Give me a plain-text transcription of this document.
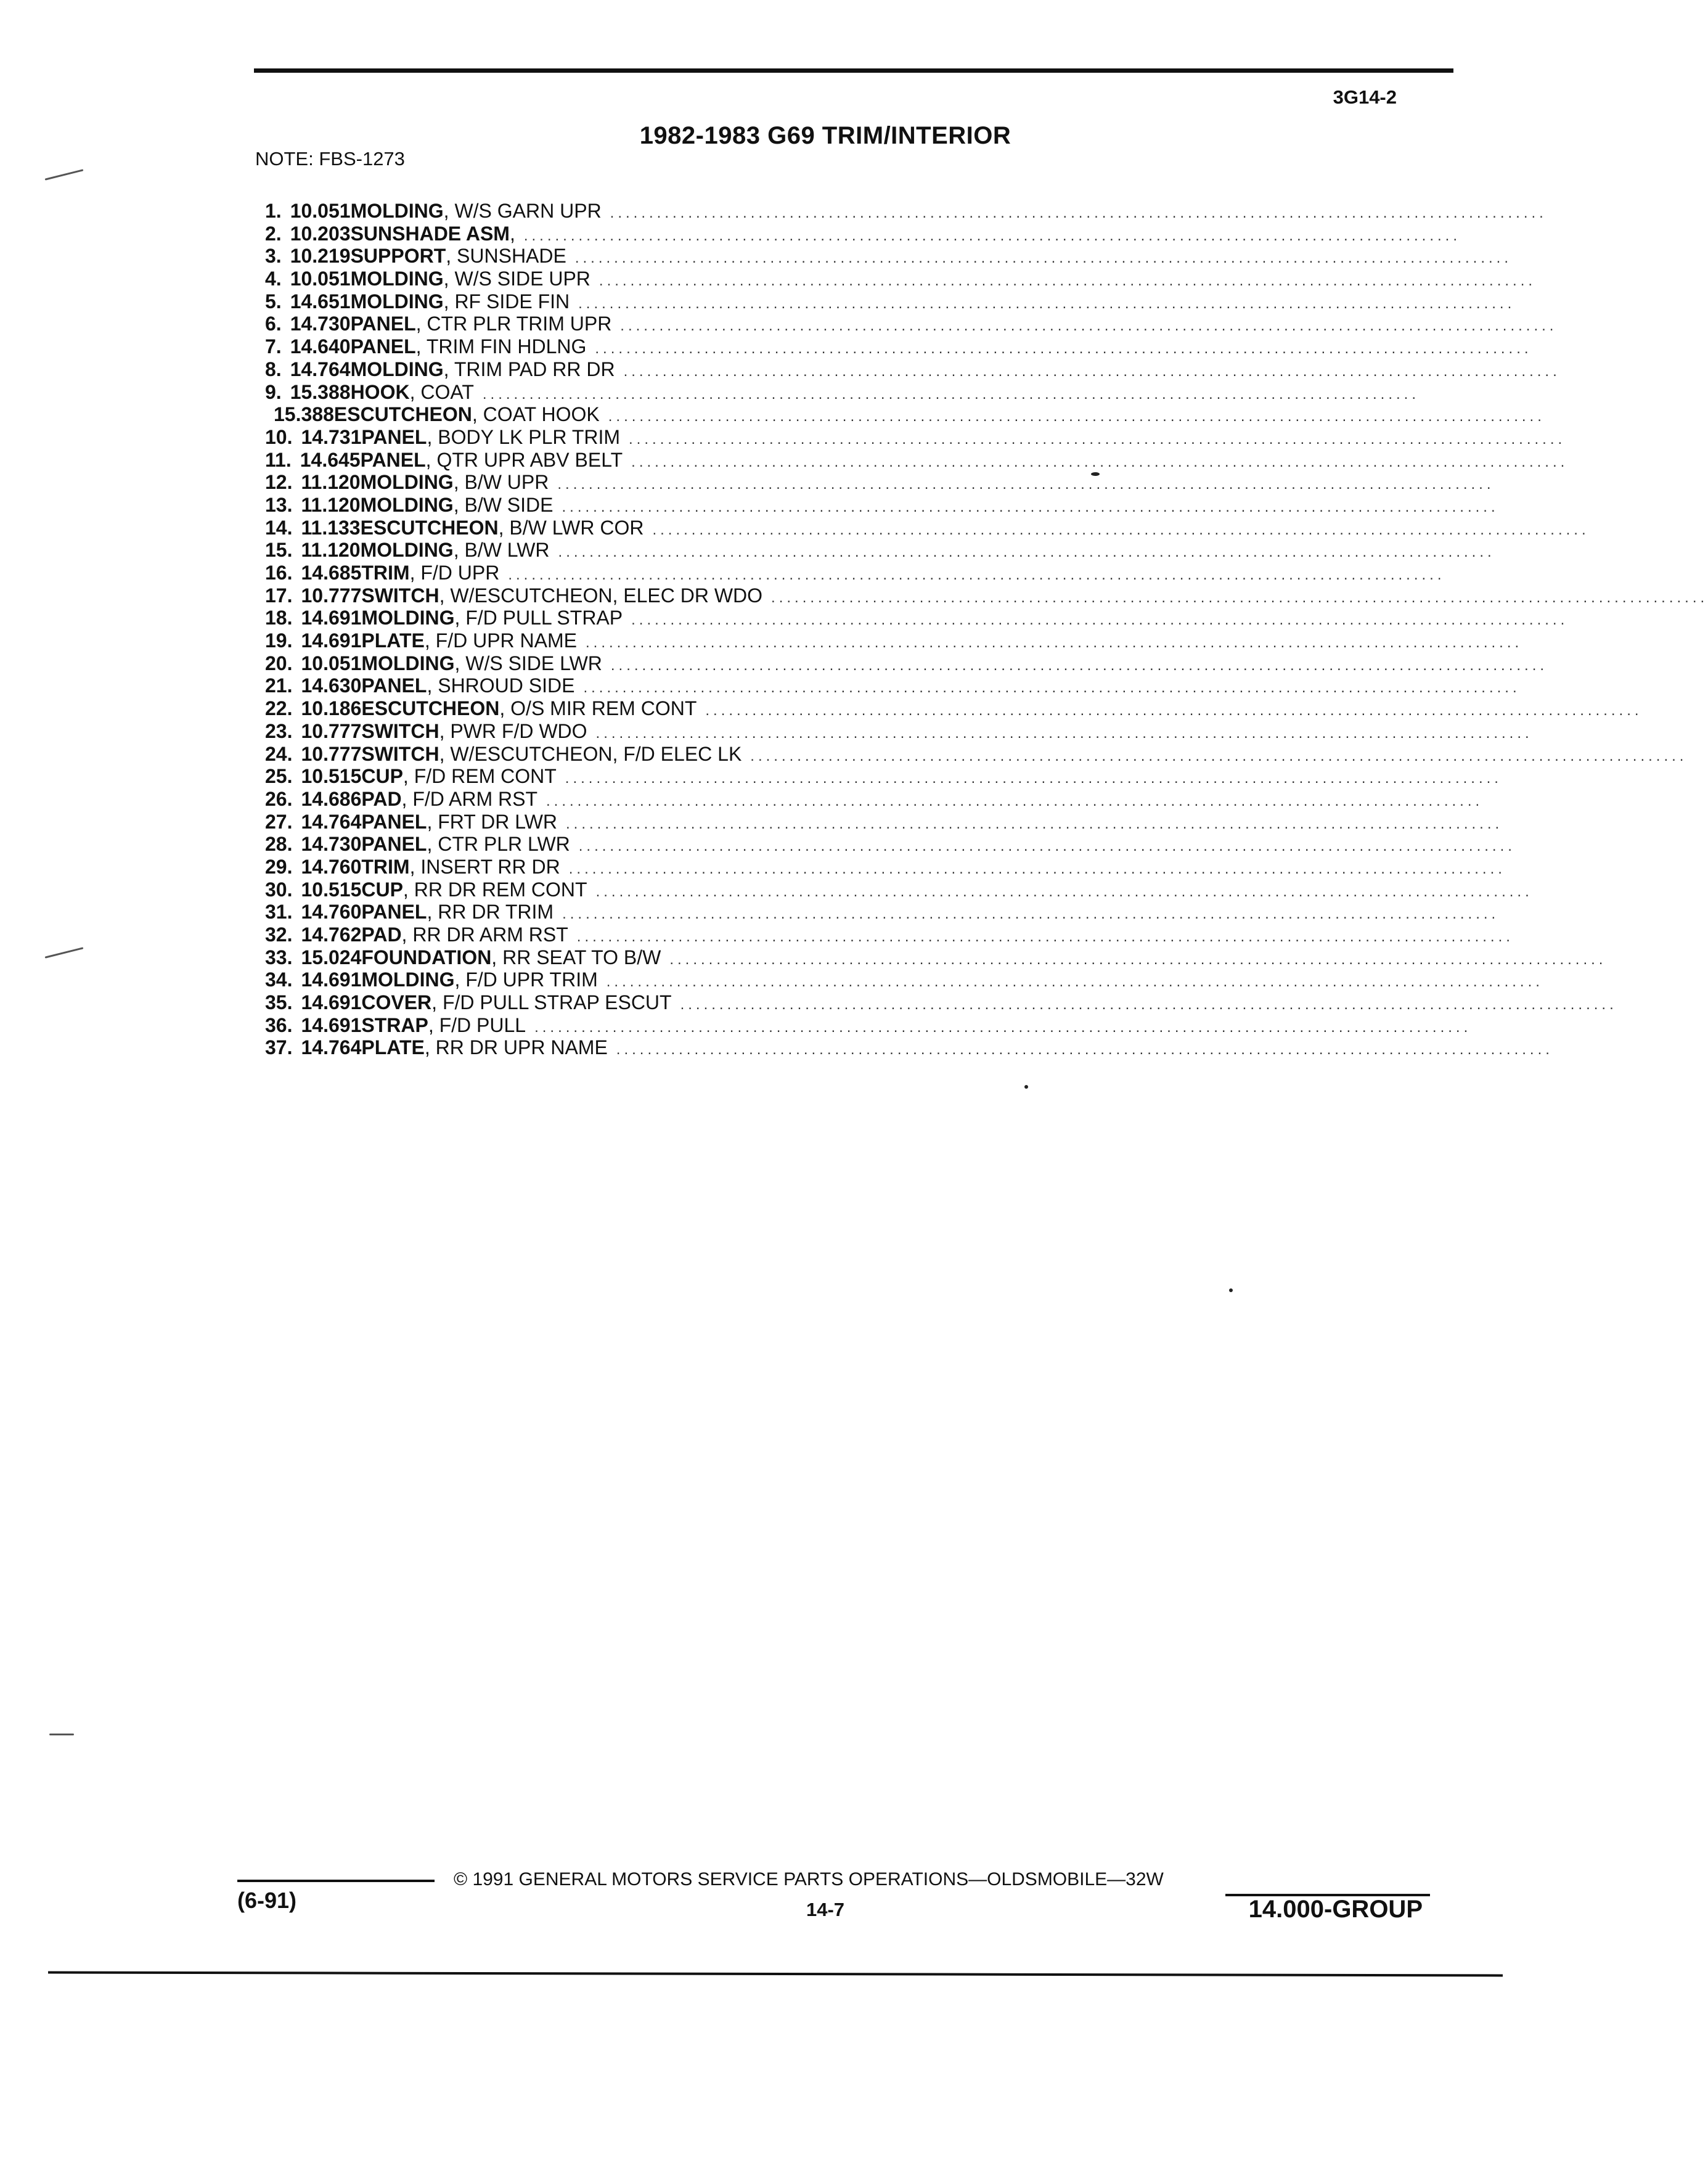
3G14-2
1982-1983 G69 TRIM/INTERIOR
NOTE: FBS-1273
1. 10.051 MOLDING, W/S GARN UPR ........................................................................................................................
2. 10.203 SUNSHADE ASM, ........................................................................................................................
3. 10.219 SUPPORT, SUNSHADE ........................................................................................................................
4. 10.051 MOLDING, W/S SIDE UPR ........................................................................................................................
5. 14.651 MOLDING, RF SIDE FIN ........................................................................................................................
6. 14.730 PANEL, CTR PLR TRIM UPR ........................................................................................................................
7. 14.640 PANEL, TRIM FIN HDLNG ........................................................................................................................
8. 14.764 MOLDING, TRIM PAD RR DR ........................................................................................................................
9. 15.388 HOOK, COAT ........................................................................................................................
15.388 ESCUTCHEON, COAT HOOK ........................................................................................................................
10. 14.731 PANEL, BODY LK PLR TRIM ........................................................................................................................
11. 14.645 PANEL, QTR UPR ABV BELT ........................................................................................................................
12. 11.120 MOLDING, B/W UPR ........................................................................................................................
13. 11.120 MOLDING, B/W SIDE ........................................................................................................................
14. 11.133 ESCUTCHEON, B/W LWR COR ........................................................................................................................
15. 11.120 MOLDING, B/W LWR ........................................................................................................................
16. 14.685 TRIM, F/D UPR ........................................................................................................................
17. 10.777 SWITCH, W/ESCUTCHEON, ELEC DR WDO ........................................................................................................................
18. 14.691 MOLDING, F/D PULL STRAP ........................................................................................................................
19. 14.691 PLATE, F/D UPR NAME ........................................................................................................................
20. 10.051 MOLDING, W/S SIDE LWR ........................................................................................................................
21. 14.630 PANEL, SHROUD SIDE ........................................................................................................................
22. 10.186 ESCUTCHEON, O/S MIR REM CONT ........................................................................................................................
23. 10.777 SWITCH, PWR F/D WDO ........................................................................................................................
24. 10.777 SWITCH, W/ESCUTCHEON, F/D ELEC LK ........................................................................................................................
25. 10.515 CUP, F/D REM CONT ........................................................................................................................
26. 14.686 PAD, F/D ARM RST ........................................................................................................................
27. 14.764 PANEL, FRT DR LWR ........................................................................................................................
28. 14.730 PANEL, CTR PLR LWR ........................................................................................................................
29. 14.760 TRIM, INSERT RR DR ........................................................................................................................
30. 10.515 CUP, RR DR REM CONT ........................................................................................................................
31. 14.760 PANEL, RR DR TRIM ........................................................................................................................
32. 14.762 PAD, RR DR ARM RST ........................................................................................................................
33. 15.024 FOUNDATION, RR SEAT TO B/W ........................................................................................................................
34. 14.691 MOLDING, F/D UPR TRIM ........................................................................................................................
35. 14.691 COVER, F/D PULL STRAP ESCUT ........................................................................................................................
36. 14.691 STRAP, F/D PULL ........................................................................................................................
37. 14.764 PLATE, RR DR UPR NAME ........................................................................................................................
© 1991 GENERAL MOTORS SERVICE PARTS OPERATIONS—OLDSMOBILE—32W
(6-91)	14-7	14.000-GROUP
